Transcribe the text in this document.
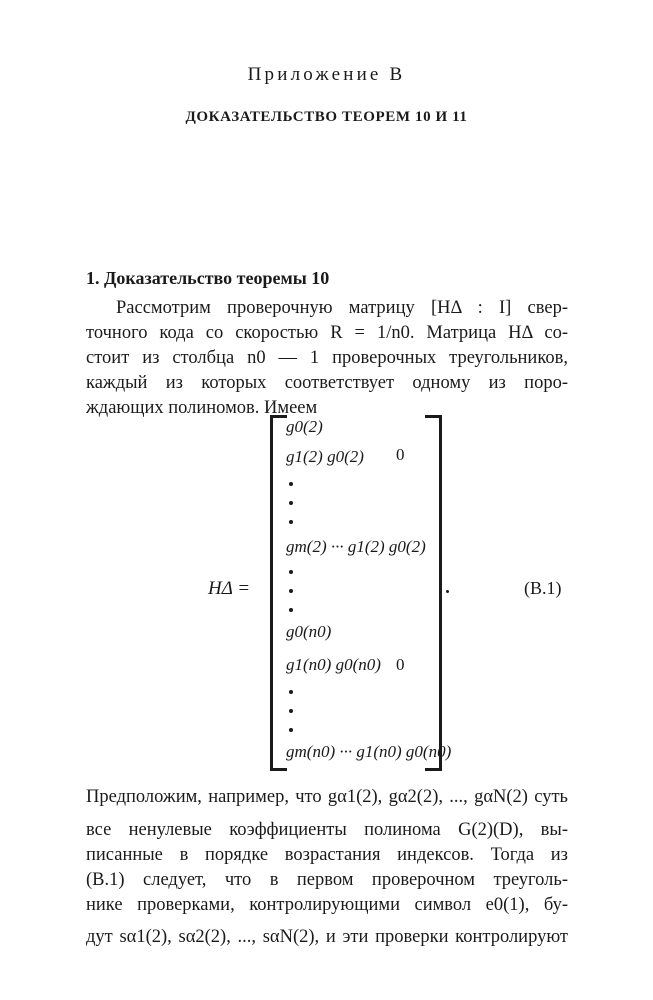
Приложение В
ДОКАЗАТЕЛЬСТВО ТЕОРЕМ 10 И 11
1. Доказательство теоремы 10
Рассмотрим проверочную матрицу [HΔ : I] свер-
точного кода со скоростью R = 1/n0. Матрица HΔ со-
стоит из столбца n0 — 1 проверочных треугольников,
каждый из которых соответствует одному из поро-
ждающих полиномов. Имеем
HΔ =
g0(2)
g1(2) g0(2) 0
gm(2) ··· g1(2) g0(2)
g0(n0)
g1(n0) g0(n0) 0
gm(n0) ··· g1(n0) g0(n0)
(В.1)
Предположим, например, что gα1(2), gα2(2), ..., gαN(2) суть
все ненулевые коэффициенты полинома G(2)(D), вы-
писанные в порядке возрастания индексов. Тогда из
(В.1) следует, что в первом проверочном треуголь-
нике проверками, контролирующими символ e0(1), бу-
дут sα1(2), sα2(2), ..., sαN(2), и эти проверки контролируют
